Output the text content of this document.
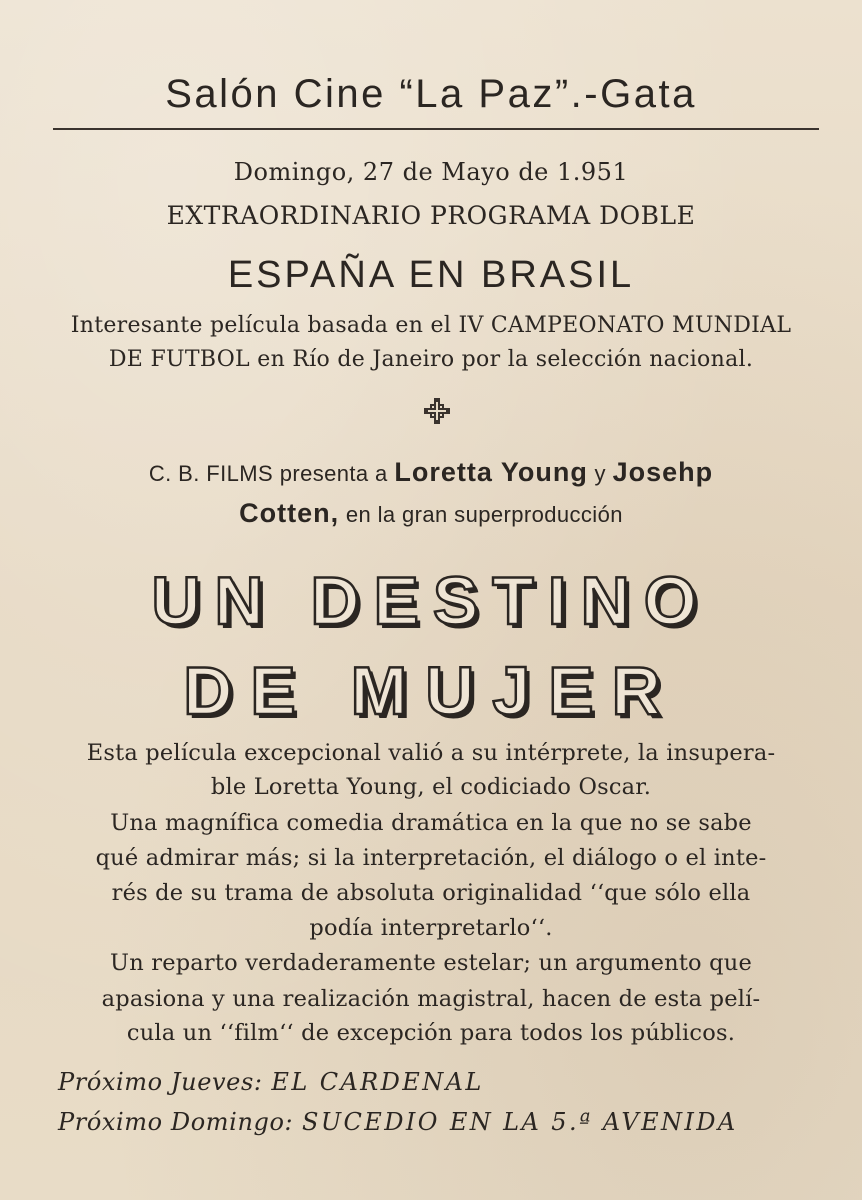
Salón Cine “La Paz”.-Gata
Domingo, 27 de Mayo de 1.951
EXTRAORDINARIO PROGRAMA DOBLE
ESPAÑA EN BRASIL
Interesante película basada en el IV CAMPEONATO MUNDIAL
DE FUTBOL en Río de Janeiro por la selección nacional.
C. B. FILMS presenta a Loretta Young y Josehp
Cotten, en la gran superproducción
UN DESTINO
DE MUJER
Esta película excepcional valió a su intérprete, la insupera-
ble Loretta Young, el codiciado Oscar.
Una magnífica comedia dramática en la que no se sabe
qué admirar más; si la interpretación, el diálogo o el inte-
rés de su trama de absoluta originalidad ‘‘que sólo ella
podía interpretarlo‘‘.
Un reparto verdaderamente estelar; un argumento que
apasiona y una realización magistral, hacen de esta pelí-
cula un ‘‘film‘‘ de excepción para todos los públicos.
Próximo Jueves: EL CARDENAL
Próximo Domingo: SUCEDIO EN LA 5.ª AVENIDA
